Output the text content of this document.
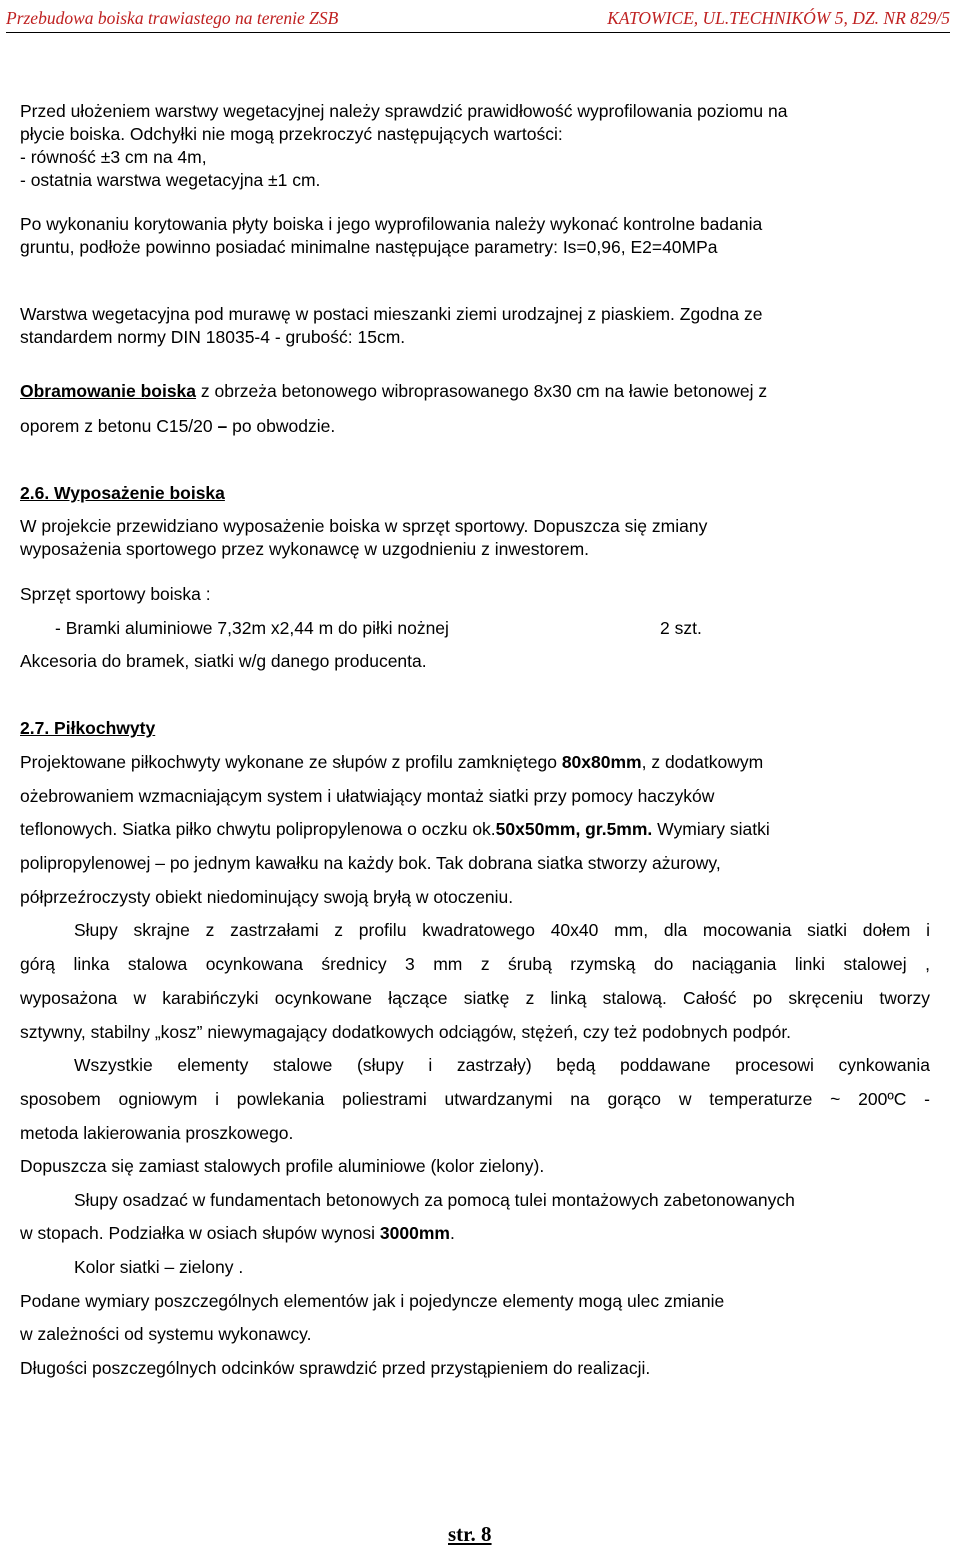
Przebudowa boiska trawiastego na terenie ZSB	KATOWICE, UL.TECHNIKÓW 5, DZ. NR 829/5
Przed ułożeniem warstwy wegetacyjnej należy sprawdzić prawidłowość wyprofilowania poziomu na
płycie boiska. Odchyłki nie mogą przekroczyć następujących wartości:
- równość ±3 cm na 4m,
- ostatnia warstwa wegetacyjna ±1 cm.
Po wykonaniu korytowania płyty boiska i jego wyprofilowania należy wykonać kontrolne badania
gruntu, podłoże powinno posiadać minimalne następujące parametry: Is=0,96, E2=40MPa
Warstwa wegetacyjna pod murawę w postaci mieszanki ziemi urodzajnej z piaskiem. Zgodna ze
standardem normy DIN 18035-4 - grubość: 15cm.
Obramowanie boiska z obrzeża betonowego wibroprasowanego 8x30 cm na ławie betonowej z
oporem z betonu C15/20 – po obwodzie.
2.6. Wyposażenie boiska
W projekcie przewidziano wyposażenie boiska w sprzęt sportowy. Dopuszcza się zmiany
wyposażenia sportowego przez wykonawcę w uzgodnieniu z inwestorem.
Sprzęt sportowy boiska :
- Bramki aluminiowe 7,32m x2,44 m do piłki nożnej	2 szt.
Akcesoria do bramek, siatki w/g danego producenta.
2.7. Piłkochwyty
Projektowane piłkochwyty wykonane ze słupów z profilu zamkniętego 80x80mm, z dodatkowym
ożebrowaniem wzmacniającym system i ułatwiający montaż siatki przy pomocy haczyków
teflonowych. Siatka piłko chwytu polipropylenowa o oczku ok.50x50mm, gr.5mm. Wymiary siatki
polipropylenowej – po jednym kawałku na każdy bok. Tak dobrana siatka stworzy ażurowy,
półprzeźroczysty obiekt niedominujący swoją bryłą w otoczeniu.
Słupy skrajne z zastrzałami z profilu kwadratowego 40x40 mm, dla mocowania siatki dołem i
górą linka stalowa ocynkowana średnicy 3 mm z śrubą rzymską do naciągania linki stalowej ,
wyposażona w karabińczyki ocynkowane łączące siatkę z linką stalową. Całość po skręceniu tworzy
sztywny, stabilny „kosz” niewymagający dodatkowych odciągów, stężeń, czy też podobnych podpór.
Wszystkie elementy stalowe (słupy i zastrzały) będą poddawane procesowi cynkowania
sposobem ogniowym i powlekania poliestrami utwardzanymi na gorąco w temperaturze ~ 200ºC -
metoda lakierowania proszkowego.
Dopuszcza się zamiast stalowych profile aluminiowe (kolor zielony).
Słupy osadzać w fundamentach betonowych za pomocą tulei montażowych zabetonowanych
w stopach. Podziałka w osiach słupów wynosi 3000mm.
Kolor siatki – zielony .
Podane wymiary poszczególnych elementów jak i pojedyncze elementy mogą ulec zmianie
w zależności od systemu wykonawcy.
Długości poszczególnych odcinków sprawdzić przed przystąpieniem do realizacji.
str. 8
